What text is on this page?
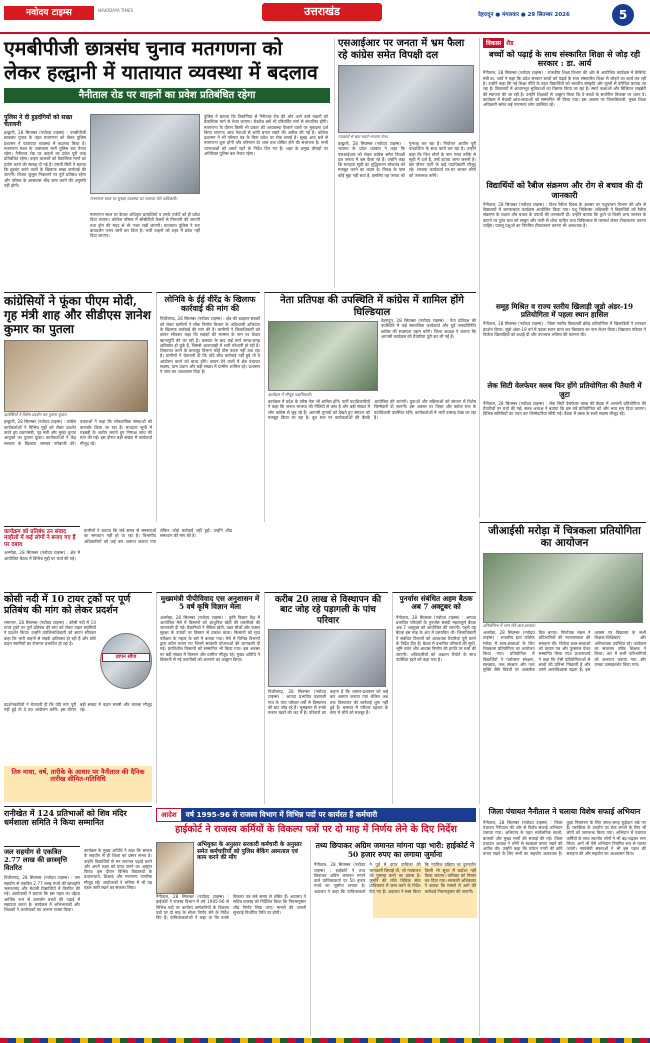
नवोदय टाइम्स	NAVODAYA TIMES	उत्तराखंड	देहरादून ● मंगलवार ● 29 सितम्बर 2026	5
एमबीपीजी छात्रसंघ चुनाव मतगणना को
लेकर हल्द्वानी में यातायात व्यवस्था में बदलाव
नैनीताल रोड पर वाहनों का प्रवेश प्रतिबंधित रहेगा
पुलिस ने दी हुड़दंगियों को सख्त चेतावनी
हल्द्वानी, 28 सितम्बर (नवोदय टाइम्स) : एमबीपीजी छात्रसंघ चुनाव के तहत मतगणना को लेकर पुलिस प्रशासन ने यातायात व्यवस्था में बदलाव किया है। मतगणना स्थल के आसपास भारी पुलिस बल तैनात रहेगा। नैनीताल रोड पर वाहनों का प्रवेश पूरी तरह प्रतिबंधित रहेगा। वाहन चालकों को वैकल्पिक मार्गों का प्रयोग करने की सलाह दी गई है। एसपी सिटी ने बताया कि हुड़दंग करने वालों के खिलाफ सख्त कार्रवाई की जाएगी। विजय जुलूस निकालने पर पूर्ण प्रतिबंध रहेगा और परिसर के आसपास भीड़ जमा करने की अनुमति नहीं होगी।
मतगणना स्थल पर सुरक्षा व्यवस्था का जायजा लेते अधिकारी।
मतगणना स्थल पर केवल अधिकृत प्रत्याशियों व उनके एजेंटों को ही प्रवेश दिया जाएगा। कॉलेज परिसर में सीसीटीवी कैमरों से निगरानी की जाएगी तथा ड्रोन की मदद से भी नजर रखी जाएगी। यातायात पुलिस ने रूट डायवर्जन प्लान जारी कर दिया है। भारी वाहनों को शहर में प्रवेश नहीं दिया जाएगा।
पुलिस ने बताया कि तिकोनिया से नैनीताल रोड की ओर आने वाले वाहनों को वैकल्पिक मार्ग से भेजा जाएगा। रोडवेज बसें भी परिवर्तित मार्ग से संचालित होंगी। मतगणना के दौरान किसी भी प्रकार की अव्यवस्था फैलाने वालों पर मुकदमा दर्ज किया जाएगा। छात्र नेताओं से शांति बनाए रखने की अपील की गई है। कॉलेज प्रशासन ने भी परिचय पत्र के बिना प्रवेश पर रोक लगाई है। सुबह आठ बजे से मतगणना शुरू होगी और परिणाम देर शाम तक घोषित होने की संभावना है। सभी थानाध्यक्षों को अलर्ट रहने के निर्देश दिए गए हैं। शहर के प्रमुख चौराहों पर अतिरिक्त पुलिस बल तैनात रहेगा।
एसआईआर पर जनता में भ्रम फैला रहे कांग्रेस समेत विपक्षी दल
पत्रकारों से बात करते भाजपा नेता।
हल्द्वानी, 28 सितम्बर (नवोदय टाइम्स) : भाजपा के प्रदेश प्रवक्ता ने कहा कि एसआईआर को लेकर कांग्रेस समेत विपक्षी दल जनता में भ्रम फैला रहे हैं। उन्होंने कहा कि मतदाता सूची का शुद्धिकरण लोकतंत्र को मजबूत करने का कदम है। विपक्ष के पास कोई मुद्दा नहीं बचा है, इसलिए वह जनता को गुमराह कर रहा है। निर्वाचन आयोग पूरी पारदर्शिता के साथ कार्य कर रहा है। उन्होंने कहा कि जिन लोगों के नाम गलत तरीके से सूची में दर्ज हैं, उन्हें हटाया जाना जरूरी है। इस दौरान पार्टी के कई पदाधिकारी मौजूद रहे। भाजपा कार्यकर्ता घर-घर जाकर लोगों को जागरूक करेंगे।
विकास शैड
बच्चों को पढ़ाई के साथ संस्कारित शिक्षा से जोड़ रही सरकार : डा. आर्य
नैनीताल, 28 सितम्बर (नवोदय टाइम्स) : राजकीय शिक्षा विभाग की ओर से आयोजित कार्यक्रम में कैबिनेट मंत्री डा. आर्य ने कहा कि प्रदेश सरकार बच्चों को पढ़ाई के साथ संस्कारित शिक्षा से जोड़ने का कार्य कर रही है। उन्होंने कहा कि नई शिक्षा नीति के तहत विद्यार्थियों को भारतीय संस्कृति और मूल्यों से परिचित कराया जा रहा है। विद्यालयों में आधारभूत सुविधाओं का विस्तार किया जा रहा है। स्मार्ट कक्षाओं और डिजिटल लाइब्रेरी की स्थापना की जा रही है। उन्होंने शिक्षकों से आह्वान किया कि वे बच्चों के सर्वांगीण विकास पर ध्यान दें। कार्यक्रम में मेधावी छात्र-छात्राओं को सम्मानित भी किया गया। इस अवसर पर जिलाधिकारी, मुख्य शिक्षा अधिकारी समेत कई गणमान्य लोग उपस्थित रहे।
विद्यार्थियों को रैबीज संक्रमण और रोग से बचाव की दी जानकारी
नैनीताल, 28 सितम्बर (नवोदय टाइम्स) : विश्व रैबीज दिवस के अवसर पर पशुपालन विभाग की ओर से विद्यालयों में जागरूकता कार्यक्रम आयोजित किया गया। पशु चिकित्सा अधिकारी ने विद्यार्थियों को रैबीज संक्रमण के लक्षण और बचाव के उपायों की जानकारी दी। उन्होंने बताया कि कुत्ते या किसी अन्य जानवर के काटने पर तुरंत घाव को साबुन और पानी से धोना चाहिए तथा चिकित्सक से परामर्श लेकर टीकाकरण कराना चाहिए। पालतू पशुओं का नियमित टीकाकरण कराना भी आवश्यक है।
समूह मिश्रित व राज्य स्तरीय खिलाड़ी जूडो अंडर-19 प्रतियोगिता में पहला स्थान हासिल
नैनीताल, 28 सितम्बर (नवोदय टाइम्स) : जिला स्तरीय विद्यालयी क्रीड़ा प्रतियोगिता में खिलाड़ियों ने शानदार प्रदर्शन किया। जूडो अंडर-19 वर्ग में पहला स्थान प्राप्त कर विद्यालय का नाम रोशन किया। विद्यालय परिवार ने विजेता खिलाड़ियों को बधाई दी और उज्ज्वल भविष्य की कामना की।
लेक सिटी वेलफेयर क्लब फिर होंगे प्रतियोगिता की तैयारी में जुटा
नैनीताल, 28 सितम्बर (नवोदय टाइम्स) : लेक सिटी वेलफेयर क्लब की बैठक में आगामी प्रतियोगिता की तैयारियों पर चर्चा की गई। क्लब अध्यक्ष ने बताया कि इस वर्ष प्रतियोगिता को और भव्य रूप दिया जाएगा। विभिन्न समितियों का गठन कर जिम्मेदारियां सौंपी गईं। बैठक में क्लब के सभी सदस्य मौजूद रहे।
कांग्रेसियों ने फूंका पीएम मोदी, गृह मंत्री शाह और सीडीएस ज्ञानेश कुमार का पुतला
कांग्रेसियों ने विरोध प्रदर्शन कर पुतला फूंका।
हल्द्वानी, 28 सितम्बर (नवोदय टाइम्स) : कांग्रेस कार्यकर्ताओं ने विभिन्न मुद्दों को लेकर प्रदर्शन करते हुए प्रधानमंत्री, गृह मंत्री और मुख्य चुनाव आयुक्त का पुतला फूंका। कार्यकर्ताओं ने केंद्र सरकार के खिलाफ जमकर नारेबाजी की। वक्ताओं ने कहा कि लोकतांत्रिक संस्थाओं को कमजोर किया जा रहा है। मतदाता सूची में गड़बड़ी के आरोप लगाते हुए निष्पक्ष जांच की मांग की गई। इस दौरान बड़ी संख्या में कार्यकर्ता मौजूद रहे।
लोनिवि के ईई वीरेंद्र के खिलाफ कार्रवाई की मांग की
पिथौरागढ़, 28 सितम्बर (नवोदय टाइम्स) : क्षेत्र की बदहाल सड़कों को लेकर ग्रामीणों ने लोक निर्माण विभाग के अधिशासी अभियंता के खिलाफ कार्रवाई की मांग की है। ग्रामीणों ने जिलाधिकारी को ज्ञापन सौंपकर कहा कि सड़कों की मरम्मत के नाम पर केवल खानापूर्ति की जा रही है। बरसात के बाद कई मार्ग जगह-जगह क्षतिग्रस्त हो चुके हैं, जिससे आवाजाही में भारी परेशानी हो रही है। शिकायत करने के बावजूद विभाग कोई ठोस कदम नहीं उठा रहा है। ग्रामीणों ने चेतावनी दी कि यदि शीघ्र कार्रवाई नहीं हुई तो वे आंदोलन करने को बाध्य होंगे। ज्ञापन देने वालों में क्षेत्र पंचायत सदस्य, ग्राम प्रधान और बड़ी संख्या में ग्रामीण शामिल रहे। प्रशासन ने जांच का आश्वासन दिया है।
नेता प्रतिपक्ष की उपस्थिति में कांग्रेस में शामिल होंगे घिल्डियाल
देहरादून, 28 सितम्बर (नवोदय टाइम्स) : नेता प्रतिपक्ष की उपस्थिति में कई सामाजिक कार्यकर्ता और पूर्व जनप्रतिनिधि कांग्रेस की सदस्यता ग्रहण करेंगे। जिला अध्यक्ष ने बताया कि आगामी कार्यक्रम की तैयारियां पूरी कर ली गई हैं।
कार्यक्रम में मौजूद पदाधिकारी।
कार्यक्रम में प्रदेश के वरिष्ठ नेता भी शामिल होंगे। पार्टी पदाधिकारियों ने कहा कि जनता भाजपा की नीतियों से त्रस्त है और बड़ी संख्या में लोग कांग्रेस से जुड़ रहे हैं। आगामी चुनावों को देखते हुए संगठन को मजबूत किया जा रहा है। बूथ स्तर पर कार्यकर्ताओं की बैठकें आयोजित की जाएंगी। युवाओं और महिलाओं को संगठन में विशेष जिम्मेदारी दी जाएगी। इस अवसर पर जिला और ब्लॉक स्तर के पदाधिकारी उपस्थित रहेंगे। कार्यकर्ताओं में भारी उत्साह देखा जा रहा है।
कार्यक्रम को प्रतिबंध उन संवाद माहौलों में कई लोगों ने बनाए गए हैं पर दबाव
अल्मोड़ा, 28 सितम्बर (नवोदय टाइम्स) : क्षेत्र में आयोजित बैठक में विभिन्न मुद्दों पर चर्चा की गई।
ग्रामीणों ने बताया कि लंबे समय से समस्याओं का समाधान नहीं हो पा रहा है। विभागीय अधिकारियों को कई बार अवगत कराया गया लेकिन कोई कार्रवाई नहीं हुई। उन्होंने शीघ्र समाधान की मांग की है।
कोसी नदी में 10 टायर ट्रकों पर पूर्ण प्रतिबंध की मांग को लेकर प्रदर्शन
रामनगर, 28 सितम्बर (नवोदय टाइम्स) : कोसी नदी में 10 टायर ट्रकों पर पूर्ण प्रतिबंध की मांग को लेकर वाहन स्वामियों ने प्रदर्शन किया। उन्होंने उपजिलाधिकारी को ज्ञापन सौंपकर कहा कि भारी वाहनों से सड़कें क्षतिग्रस्त हो रही हैं और छोटे वाहन स्वामियों का रोजगार प्रभावित हो रहा है।
ज्ञापन सौंपा
प्रदर्शनकारियों ने चेतावनी दी कि यदि मांग पूरी नहीं हुई तो वे उग्र आंदोलन करेंगे। इस दौरान बड़ी संख्या में वाहन स्वामी और चालक मौजूद रहे।
तिरु माधा, वर्ष, तारीके के आधार पर नैनीताल की दैनिक तारीख सीमित-गतिविधि
मुख्यमंत्री पीपीविवाद एस अनुशासन में 5 वर्ष कृषि विज्ञान मेला
अल्मोड़ा, 28 सितम्बर (नवोदय टाइम्स) : कृषि विज्ञान केंद्र में आयोजित मेले में किसानों को आधुनिक खेती की तकनीकों की जानकारी दी गई। वैज्ञानिकों ने जैविक खेती, उन्नत बीजों और फसल सुरक्षा के उपायों पर विस्तार से प्रकाश डाला। किसानों को मृदा परीक्षण के महत्व के बारे में बताया गया। मेले में विभिन्न विभागों द्वारा स्टॉल लगाए गए जिनमें सरकारी योजनाओं की जानकारी दी गई। प्रगतिशील किसानों को सम्मानित भी किया गया। इस अवसर पर बड़ी संख्या में किसान और ग्रामीण मौजूद रहे। मुख्य अतिथि ने किसानों से नई तकनीकों को अपनाने का आह्वान किया।
करीब 20 लाख से विस्थापन की बाट जोह रहे पड़ागली के पांच परिवार
पिथौरागढ़, 28 सितम्बर (नवोदय टाइम्स) : आपदा प्रभावित पड़ागली गांव के पांच परिवार वर्षों से विस्थापन की बाट जोह रहे हैं। भूस्खलन से उनके मकान खतरे की जद में हैं। परिवारों का कहना है कि शासन-प्रशासन को कई बार अवगत कराया गया लेकिन अब तक विस्थापन की कार्रवाई शुरू नहीं हुई है। बरसात में परिवार दहशत के साए में जीने को मजबूर हैं।
पुनर्वास संबंधित अहम बैठक अब 7 अक्टूबर को
नैनीताल, 28 सितम्बर (नवोदय टाइम्स) : आपदा प्रभावित परिवारों के पुनर्वास संबंधी महत्वपूर्ण बैठक अब 7 अक्टूबर को आयोजित की जाएगी। पहले यह बैठक इस माह के अंत में प्रस्तावित थी। जिलाधिकारी ने संबंधित विभागों को आवश्यक तैयारियां पूरी करने के निर्देश दिए हैं। बैठक में प्रभावित परिवारों की सूची, भूमि चयन और आवास निर्माण की प्रगति पर चर्चा की जाएगी। अधिकारियों को अद्यतन रिपोर्ट के साथ उपस्थित रहने को कहा गया है।
जीआईसी मरोड़ा में चित्रकला प्रतियोगिता का आयोजन
प्रतियोगिता में भाग लेते छात्र-छात्राएं।
अल्मोड़ा, 28 सितम्बर (नवोदय टाइम्स) : राजकीय इंटर कॉलेज मरोड़ा में छात्र-छात्राओं के लिए चित्रकला प्रतियोगिता का आयोजन किया गया। प्रतियोगिता में विद्यार्थियों ने पर्यावरण संरक्षण, स्वच्छता, जल संरक्षण और नशा मुक्ति जैसे विषयों पर आकर्षक चित्र बनाए। निर्णायक मंडल ने प्रतिभागियों की रचनात्मकता की सराहना की। विजेता छात्र-छात्राओं को प्रमाण पत्र और पुरस्कार देकर सम्मानित किया गया। प्रधानाचार्य ने कहा कि ऐसी प्रतियोगिताओं से बच्चों की प्रतिभा निखरती है और उनमें आत्मविश्वास बढ़ता है। इस अवसर पर विद्यालय के सभी शिक्षक-शिक्षिकाएं और अभिभावक उपस्थित रहे। कार्यक्रम का संचालन वरिष्ठ शिक्षक ने किया। अंत में सभी प्रतिभागियों को जलपान कराया गया और उनका उत्साहवर्धन किया गया।
रानीखेत में 124 प्रतिभाओं को शिव मंदिर धर्मशाला समिति ने किया सम्मानित
आदेश	वर्ष 1995-96 से राजस्व विभाग में विभिन्न पदों पर कार्यरत हैं कर्मचारी
हाईकोर्ट ने राजस्व कर्मियों के विकल्प पत्रों पर दो माह में निर्णय लेने के दिए निर्देश
जिला पंचायत नैनीताल ने चलाया विशेष सफाई अभियान
नैनीताल, 28 सितम्बर (नवोदय टाइम्स) : जिला पंचायत नैनीताल की ओर से विशेष सफाई अभियान चलाया गया। अभियान के तहत सार्वजनिक स्थलों, बाजारों और मुख्य मार्गों की सफाई की गई। जिला पंचायत अध्यक्ष ने लोगों से स्वच्छता बनाए रखने की अपील की। उन्होंने कहा कि पर्यटन नगरी की छवि बनाए रखने के लिए सभी का सहयोग आवश्यक है। कूड़ा निस्तारण के लिए जगह-जगह कूड़ेदान रखे गए हैं। प्लास्टिक के उपयोग पर रोक लगाने के लिए भी लोगों को जागरूक किया गया। अभियान में पंचायत कर्मियों के साथ स्थानीय लोगों ने भी बढ़-चढ़कर भाग लिया। आगे भी ऐसे अभियान नियमित रूप से चलाए जाएंगे। स्वयंसेवी संस्थाओं ने भी इस पहल की सराहना की और सहयोग का आश्वासन दिया।
जल सहयोग से एकत्रित 2.77 लाख की छात्रवृत्ति वितरित
पिथौरागढ़, 28 सितम्बर (नवोदय टाइम्स) : जन सहयोग से एकत्रित 2.77 लाख रुपये की छात्रवृत्ति जरूरतमंद और मेधावी विद्यार्थियों में वितरित की गई। आयोजकों ने बताया कि इस पहल का उद्देश्य आर्थिक रूप से कमजोर बच्चों की पढ़ाई में सहायता करना है। कार्यक्रम में अभिभावकों और शिक्षकों ने आयोजकों का आभार व्यक्त किया।
कार्यक्रम के मुख्य अतिथि ने कहा कि समाज के सहयोग से ही शिक्षा का प्रसार संभव है। उन्होंने विद्यार्थियों से मन लगाकर पढ़ाई करने और अपने लक्ष्य को प्राप्त करने का आह्वान किया। इस दौरान विभिन्न विद्यालयों के प्रधानाचार्य, शिक्षक और गणमान्य नागरिक मौजूद रहे। आयोजकों ने भविष्य में भी यह पहल जारी रखने का संकल्प लिया।
अभियुक्त के अनुसार सरकारी कर्मचारी के अनुसार समेत कर्मचारियों को पुलिस बेकिंग अस्पताल एवं काम करने की माँग
नैनीताल, 28 सितम्बर (नवोदय टाइम्स) : हाईकोर्ट ने राजस्व विभाग में वर्ष 1995-96 से विभिन्न पदों पर कार्यरत कर्मचारियों के विकल्प पत्रों पर दो माह के भीतर निर्णय लेने के निर्देश दिए हैं। याचिकाकर्ताओं ने कहा था कि उनके विकल्प पत्र लंबे समय से लंबित हैं। अदालत ने सचिव राजस्व को निर्देशित किया कि नियमानुसार शीघ्र निर्णय लिया जाए। मामले की अगली सुनवाई निर्धारित तिथि पर होगी।
तथ्य छिपाकर अग्रिम जमानत मांगना पड़ा भारी: हाईकोर्ट ने 50 हजार रुपए का लगाया जुर्माना
नैनीताल, 28 सितम्बर (नवोदय टाइम्स) : हाईकोर्ट ने तथ्य छिपाकर अग्रिम जमानत मांगने वाले याचिकाकर्ता पर 50 हजार रुपये का जुर्माना लगाया है। अदालत ने कहा कि याचिकाकर्ता ने पूर्व में दायर याचिका की जानकारी छिपाई थी, जो न्यायालय को गुमराह करने का प्रयास है। जुर्माने की राशि विधिक सेवा प्राधिकरण में जमा करने के निर्देश दिए गए हैं। अदालत ने स्पष्ट किया कि न्यायिक प्रक्रिया का दुरुपयोग किसी भी सूरत में बर्दाश्त नहीं किया जाएगा। याचिका को निरस्त कर दिया गया। सरकारी अधिवक्ता ने बताया कि मामले में आगे की कार्रवाई नियमानुसार की जाएगी।
